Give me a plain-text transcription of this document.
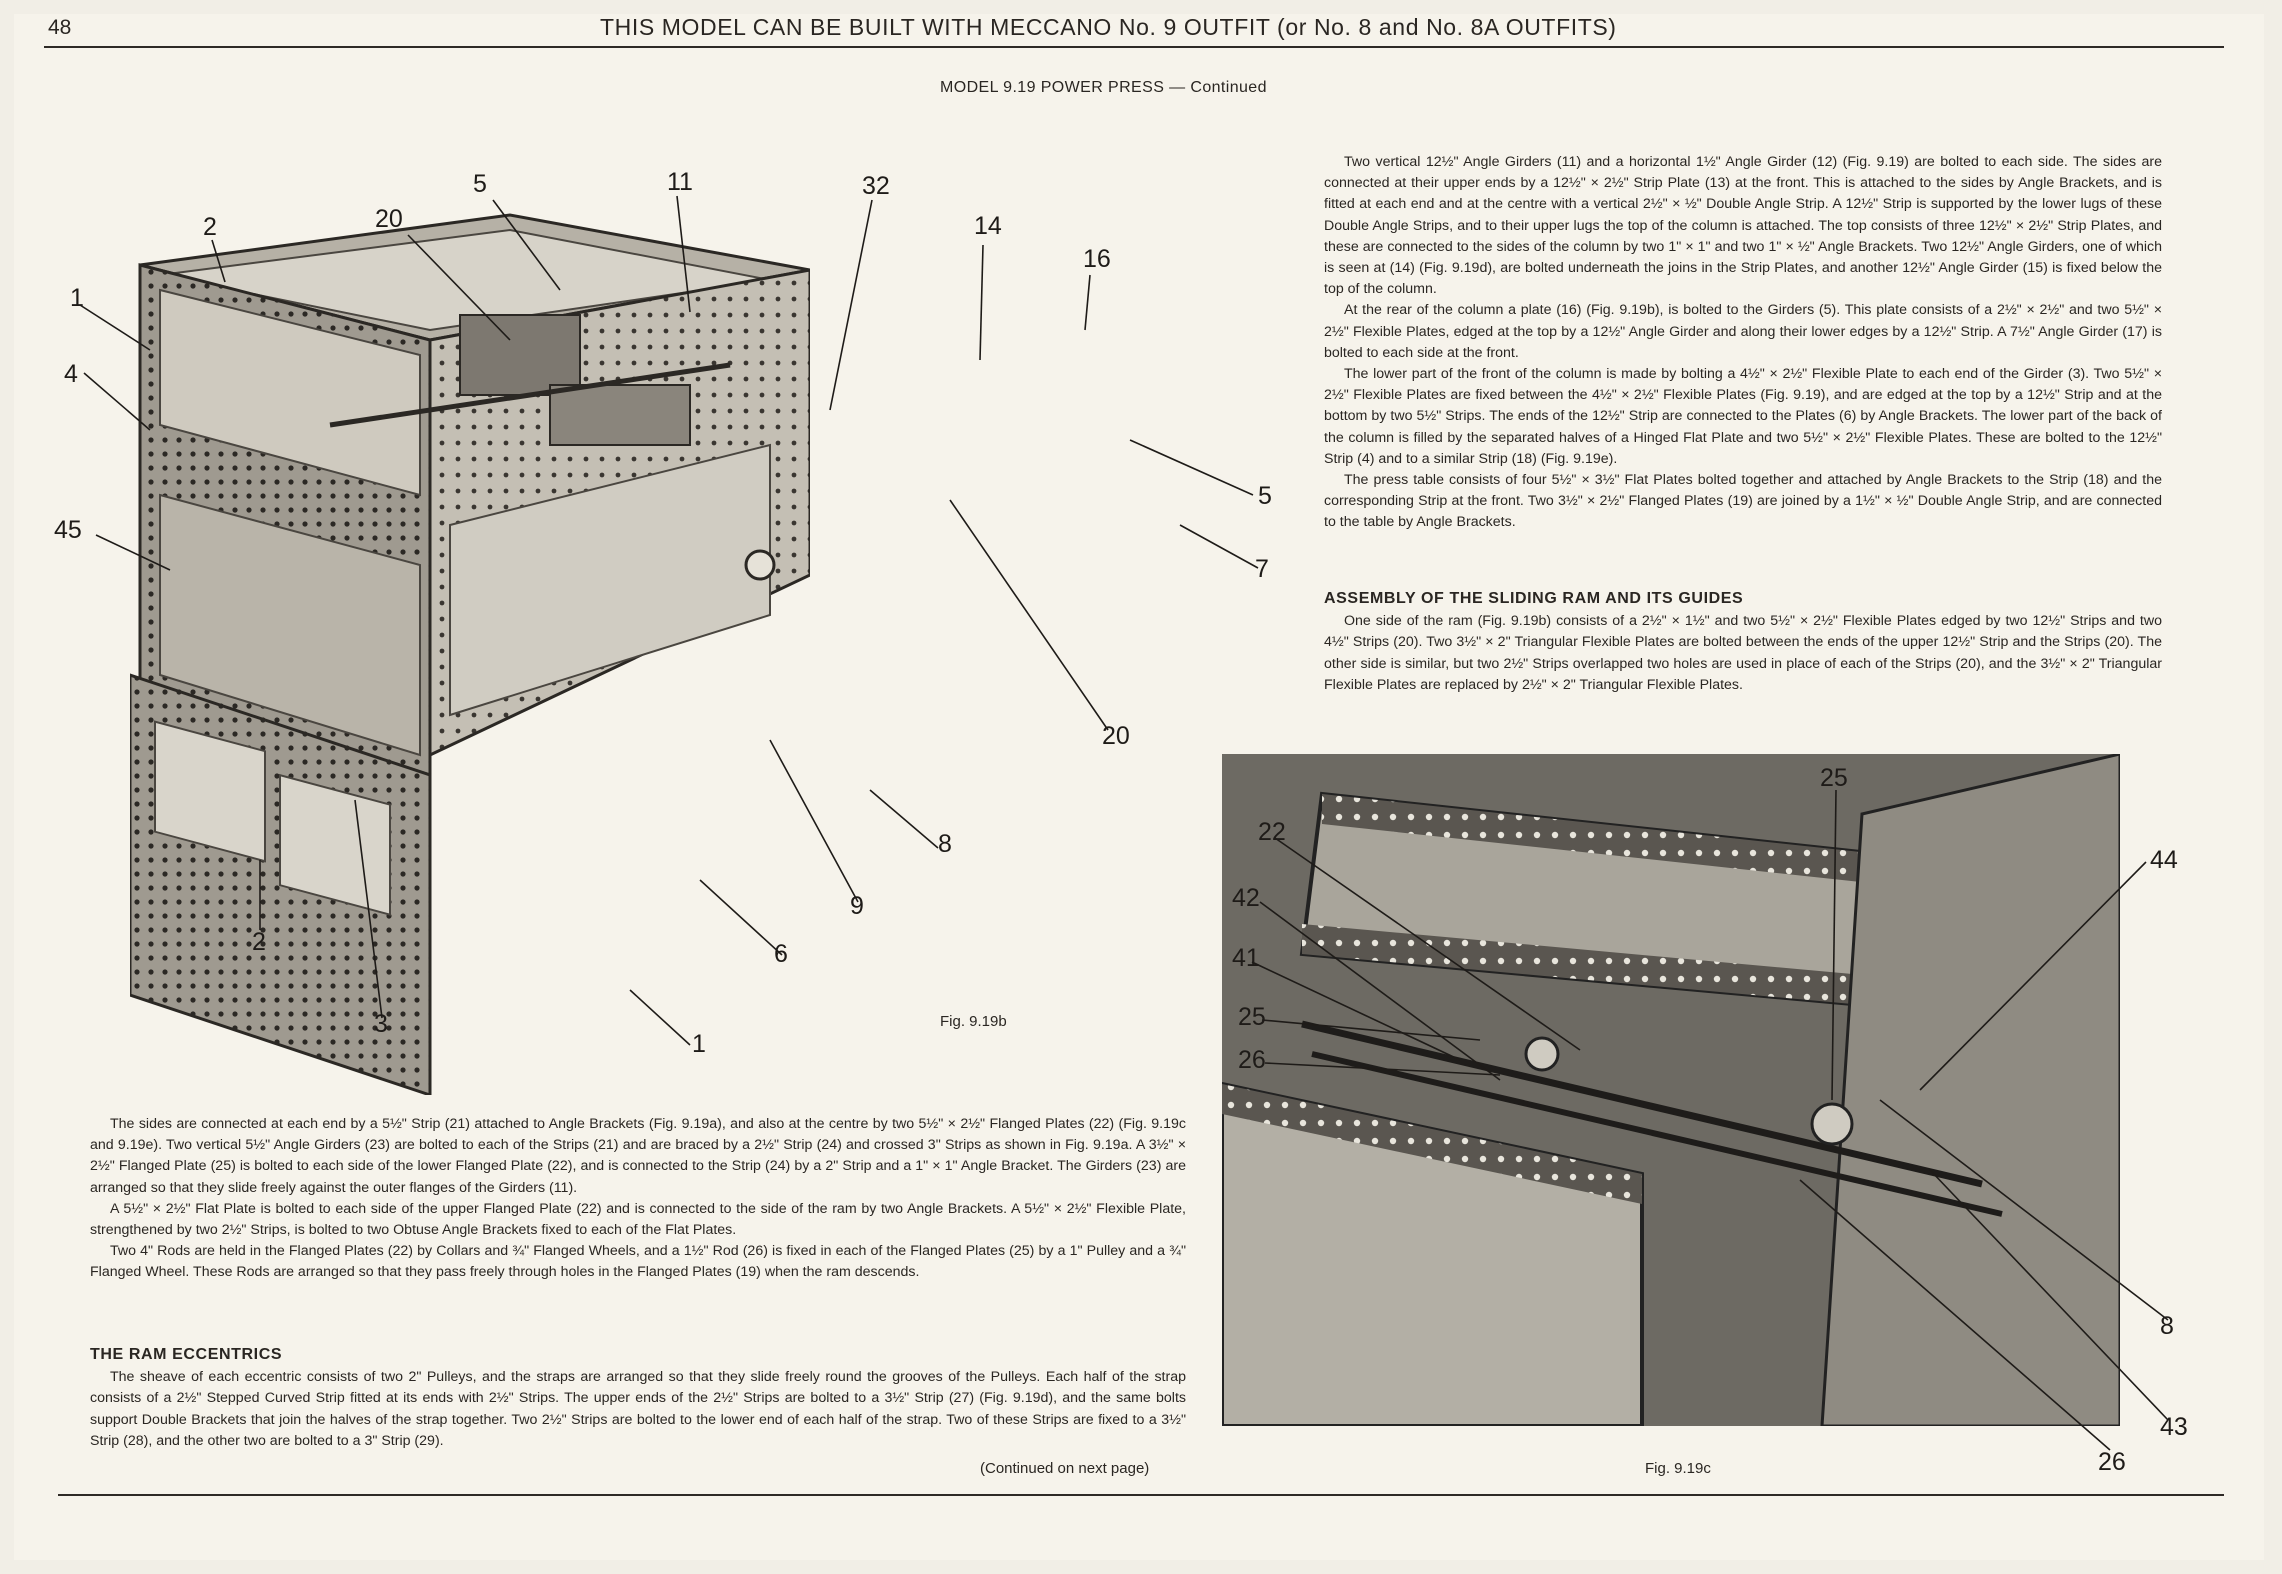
48	THIS MODEL CAN BE BUILT WITH MECCANO No. 9 OUTFIT (or No. 8 and No. 8A OUTFITS)
MODEL 9.19 POWER PRESS — Continued
1
2
5	11
20
32
14
16
4
45
5
7
20
8
9
6
2
3
1
Fig. 9.19b
25
22
44
42
41
25
26
8
43
26
Fig. 9.19c

Two vertical 12½" Angle Girders (11) and a horizontal 1½" Angle Girder (12) (Fig. 9.19) are bolted to each side. The sides are connected at their upper ends by a 12½" × 2½" Strip Plate (13) at the front. This is attached to the sides by Angle Brackets, and is fitted at each end and at the centre with a vertical 2½" × ½" Double Angle Strip. A 12½" Strip is supported by the lower lugs of these Double Angle Strips, and to their upper lugs the top of the column is attached. The top consists of three 12½" × 2½" Strip Plates, and these are connected to the sides of the column by two 1" × 1" and two 1" × ½" Angle Brackets. Two 12½" Angle Girders, one of which is seen at (14) (Fig. 9.19d), are bolted underneath the joins in the Strip Plates, and another 12½" Angle Girder (15) is fixed below the top of the column.

At the rear of the column a plate (16) (Fig. 9.19b), is bolted to the Girders (5). This plate consists of a 2½" × 2½" and two 5½" × 2½" Flexible Plates, edged at the top by a 12½" Angle Girder and along their lower edges by a 12½" Strip. A 7½" Angle Girder (17) is bolted to each side at the front.

The lower part of the front of the column is made by bolting a 4½" × 2½" Flexible Plate to each end of the Girder (3). Two 5½" × 2½" Flexible Plates are fixed between the 4½" × 2½" Flexible Plates (Fig. 9.19), and are edged at the top by a 12½" Strip and at the bottom by two 5½" Strips. The ends of the 12½" Strip are connected to the Plates (6) by Angle Brackets. The lower part of the back of the column is filled by the separated halves of a Hinged Flat Plate and two 5½" × 2½" Flexible Plates. These are bolted to the 12½" Strip (4) and to a similar Strip (18) (Fig. 9.19e).

The press table consists of four 5½" × 3½" Flat Plates bolted together and attached by Angle Brackets to the Strip (18) and the corresponding Strip at the front. Two 3½" × 2½" Flanged Plates (19) are joined by a 1½" × ½" Double Angle Strip, and are connected to the table by Angle Brackets.

ASSEMBLY OF THE SLIDING RAM AND ITS GUIDES

One side of the ram (Fig. 9.19b) consists of a 2½" × 1½" and two 5½" × 2½" Flexible Plates edged by two 12½" Strips and two 4½" Strips (20). Two 3½" × 2" Triangular Flexible Plates are bolted between the ends of the upper 12½" Strip and the Strips (20). The other side is similar, but two 2½" Strips overlapped two holes are used in place of each of the Strips (20), and the 3½" × 2" Triangular Flexible Plates are replaced by 2½" × 2" Triangular Flexible Plates.

The sides are connected at each end by a 5½" Strip (21) attached to Angle Brackets (Fig. 9.19a), and also at the centre by two 5½" × 2½" Flanged Plates (22) (Fig. 9.19c and 9.19e). Two vertical 5½" Angle Girders (23) are bolted to each of the Strips (21) and are braced by a 2½" Strip (24) and crossed 3" Strips as shown in Fig. 9.19a. A 3½" × 2½" Flanged Plate (25) is bolted to each side of the lower Flanged Plate (22), and is connected to the Strip (24) by a 2" Strip and a 1" × 1" Angle Bracket. The Girders (23) are arranged so that they slide freely against the outer flanges of the Girders (11).

A 5½" × 2½" Flat Plate is bolted to each side of the upper Flanged Plate (22) and is connected to the side of the ram by two Angle Brackets. A 5½" × 2½" Flexible Plate, strengthened by two 2½" Strips, is bolted to two Obtuse Angle Brackets fixed to each of the Flat Plates.

Two 4" Rods are held in the Flanged Plates (22) by Collars and ¾" Flanged Wheels, and a 1½" Rod (26) is fixed in each of the Flanged Plates (25) by a 1" Pulley and a ¾" Flanged Wheel. These Rods are arranged so that they pass freely through holes in the Flanged Plates (19) when the ram descends.

THE RAM ECCENTRICS

The sheave of each eccentric consists of two 2" Pulleys, and the straps are arranged so that they slide freely round the grooves of the Pulleys. Each half of the strap consists of a 2½" Stepped Curved Strip fitted at its ends with 2½" Strips. The upper ends of the 2½" Strips are bolted to a 3½" Strip (27) (Fig. 9.19d), and the same bolts support Double Brackets that join the halves of the strap together. Two 2½" Strips are bolted to the lower end of each half of the strap. Two of these Strips are fixed to a 3½" Strip (28), and the other two are bolted to a 3" Strip (29).

(Continued on next page)
